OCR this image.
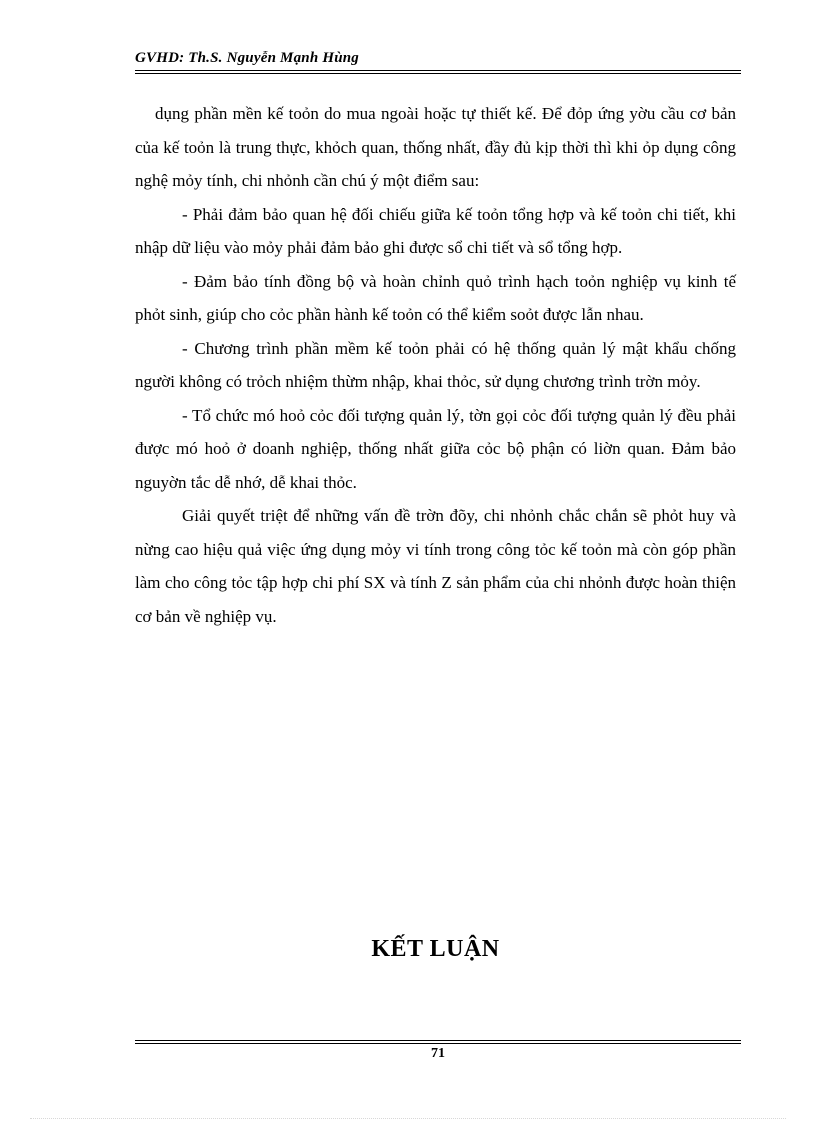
GVHD: Th.S. Nguyễn Mạnh Hùng

dụng phần mền kế toỏn do mua ngoài hoặc tự thiết kế. Để đỏp ứng yờu cầu cơ bản của kế toỏn là trung thực, khỏch quan, thống nhất, đầy đủ kịp thời thì khi ỏp dụng công nghệ mỏy tính, chi nhỏnh cần chú ý một điểm sau:

- Phải đảm bảo quan hệ đối chiếu giữa kế toỏn tổng hợp và kế toỏn chi tiết, khi nhập dữ liệu vào mỏy phải đảm bảo ghi được sổ chi tiết và sổ tổng hợp.

- Đảm bảo tính đồng bộ và hoàn chỉnh quỏ trình hạch toỏn nghiệp vụ kinh tế phỏt sinh, giúp cho cỏc phần hành kế toỏn có thể kiểm soỏt được lẫn nhau.

- Chương trình phần mềm kế toỏn phải có hệ thống quản lý mật khẩu chống người không có trỏch nhiệm thừm nhập, khai thỏc, sử dụng chương trình trờn mỏy.

- Tổ chức mó hoỏ cỏc đối tượng quản lý, tờn gọi cỏc đối tượng quản lý đều phải được mó hoỏ ở doanh nghiệp, thống nhất giữa cỏc bộ phận có liờn quan. Đảm bảo nguyờn tắc dễ nhớ, dễ khai thỏc.

Giải quyết triệt để những vấn đề trờn đõy, chi nhỏnh chắc chắn sẽ phỏt huy và nừng cao hiệu quả việc ứng dụng mỏy vi tính trong công tỏc kế toỏn mà còn góp phần làm cho công tỏc tập hợp chi phí SX và tính Z sản phẩm của chi nhỏnh được hoàn thiện cơ bản về nghiệp vụ.

KẾT LUẬN
71
